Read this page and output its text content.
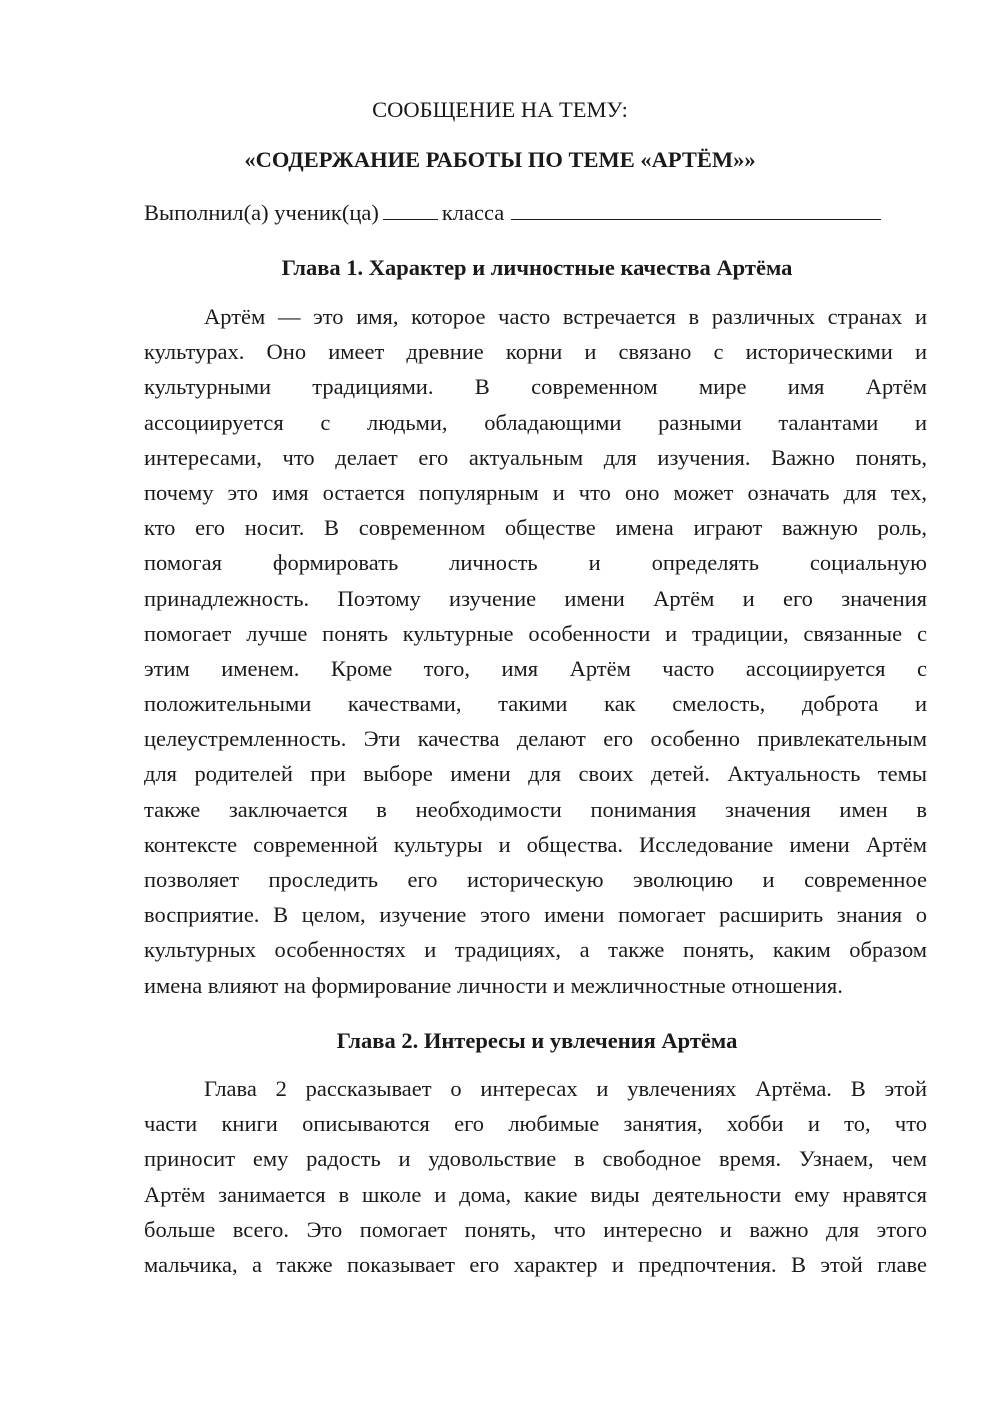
СООБЩЕНИЕ НА ТЕМУ:
«СОДЕРЖАНИЕ РАБОТЫ ПО ТЕМЕ «АРТЁМ»»
Выполнил(а) ученик(ца)	класса
Глава 1. Характер и личностные качества Артёма
Артём — это имя, которое часто встречается в различных странах и
культурах. Оно имеет древние корни и связано с историческими и
культурными традициями. В современном мире имя Артём
ассоциируется с людьми, обладающими разными талантами и
интересами, что делает его актуальным для изучения. Важно понять,
почему это имя остается популярным и что оно может означать для тех,
кто его носит. В современном обществе имена играют важную роль,
помогая формировать личность и определять социальную
принадлежность. Поэтому изучение имени Артём и его значения
помогает лучше понять культурные особенности и традиции, связанные с
этим именем. Кроме того, имя Артём часто ассоциируется с
положительными качествами, такими как смелость, доброта и
целеустремленность. Эти качества делают его особенно привлекательным
для родителей при выборе имени для своих детей. Актуальность темы
также заключается в необходимости понимания значения имен в
контексте современной культуры и общества. Исследование имени Артём
позволяет проследить его историческую эволюцию и современное
восприятие. В целом, изучение этого имени помогает расширить знания о
культурных особенностях и традициях, а также понять, каким образом
имена влияют на формирование личности и межличностные отношения.
Глава 2. Интересы и увлечения Артёма
Глава 2 рассказывает о интересах и увлечениях Артёма. В этой
части книги описываются его любимые занятия, хобби и то, что
приносит ему радость и удовольствие в свободное время. Узнаем, чем
Артём занимается в школе и дома, какие виды деятельности ему нравятся
больше всего. Это помогает понять, что интересно и важно для этого
мальчика, а также показывает его характер и предпочтения. В этой главе
